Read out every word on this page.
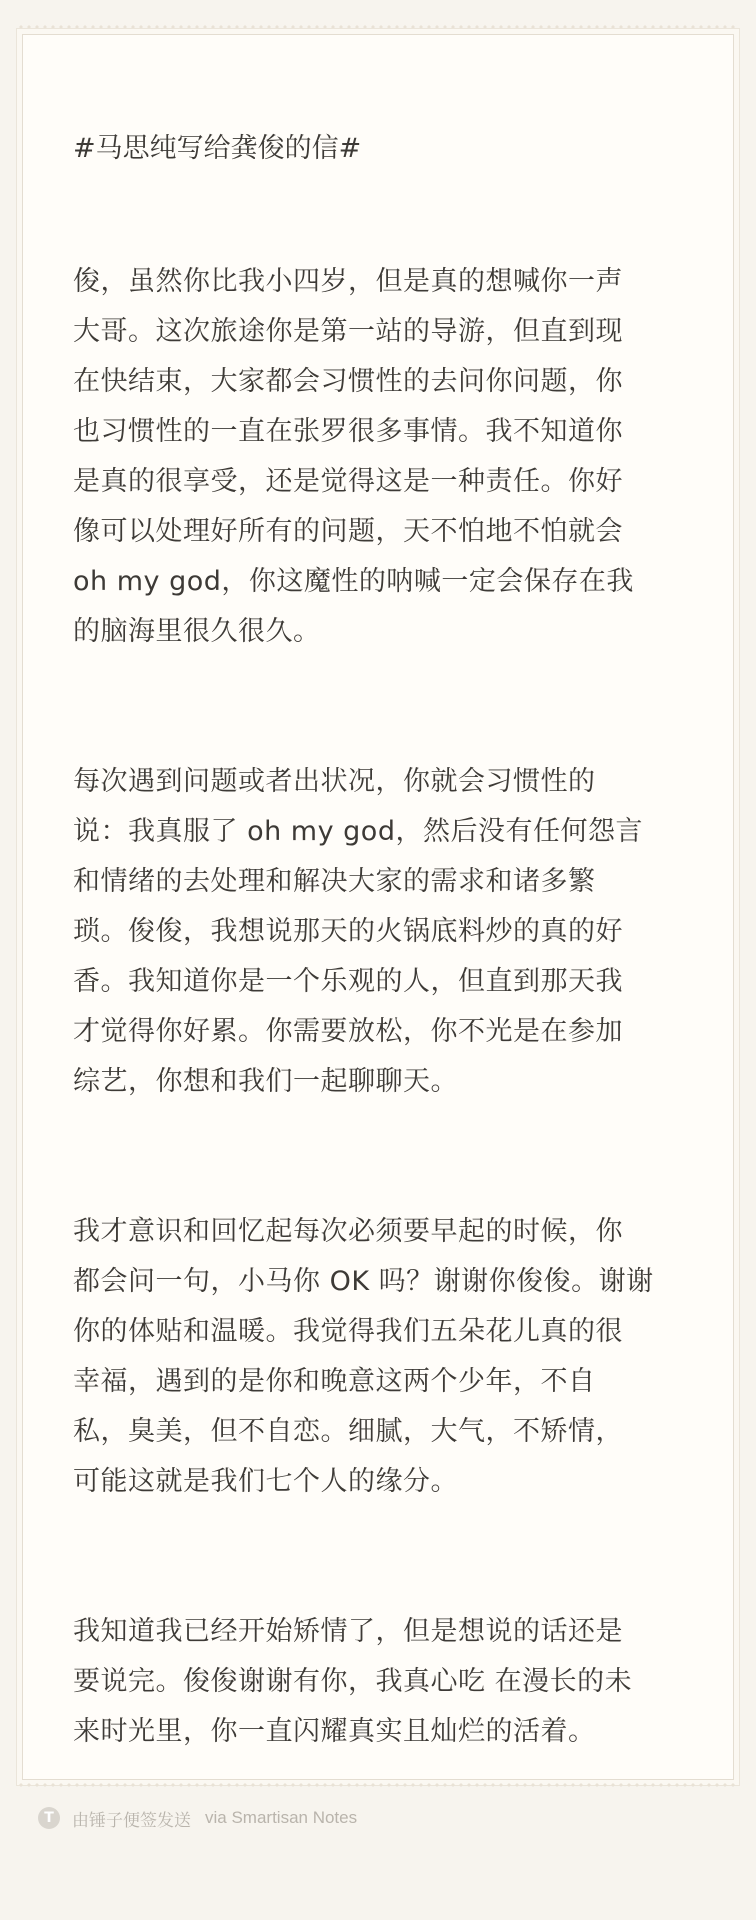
#马思纯写给龚俊的信#

俊，虽然你比我小四岁，但是真的想喊你一声
大哥。这次旅途你是第一站的导游，但直到现
在快结束，大家都会习惯性的去问你问题，你
也习惯性的一直在张罗很多事情。我不知道你
是真的很享受，还是觉得这是一种责任。你好
像可以处理好所有的问题，天不怕地不怕就会
oh my god，你这魔性的呐喊一定会保存在我
的脑海里很久很久。

每次遇到问题或者出状况，你就会习惯性的
说：我真服了 oh my god，然后没有任何怨言
和情绪的去处理和解决大家的需求和诸多繁
琐。俊俊，我想说那天的火锅底料炒的真的好
香。我知道你是一个乐观的人，但直到那天我
才觉得你好累。你需要放松，你不光是在参加
综艺，你想和我们一起聊聊天。

我才意识和回忆起每次必须要早起的时候，你
都会问一句，小马你 OK 吗？谢谢你俊俊。谢谢
你的体贴和温暖。我觉得我们五朵花儿真的很
幸福，遇到的是你和晚意这两个少年，不自
私，臭美，但不自恋。细腻，大气，不矫情，
可能这就是我们七个人的缘分。

我知道我已经开始矫情了，但是想说的话还是
要说完。俊俊谢谢有你，我真心吃 在漫长的未
来时光里，你一直闪耀真实且灿烂的活着。

T	由锤子便签发送 via Smartisan Notes
